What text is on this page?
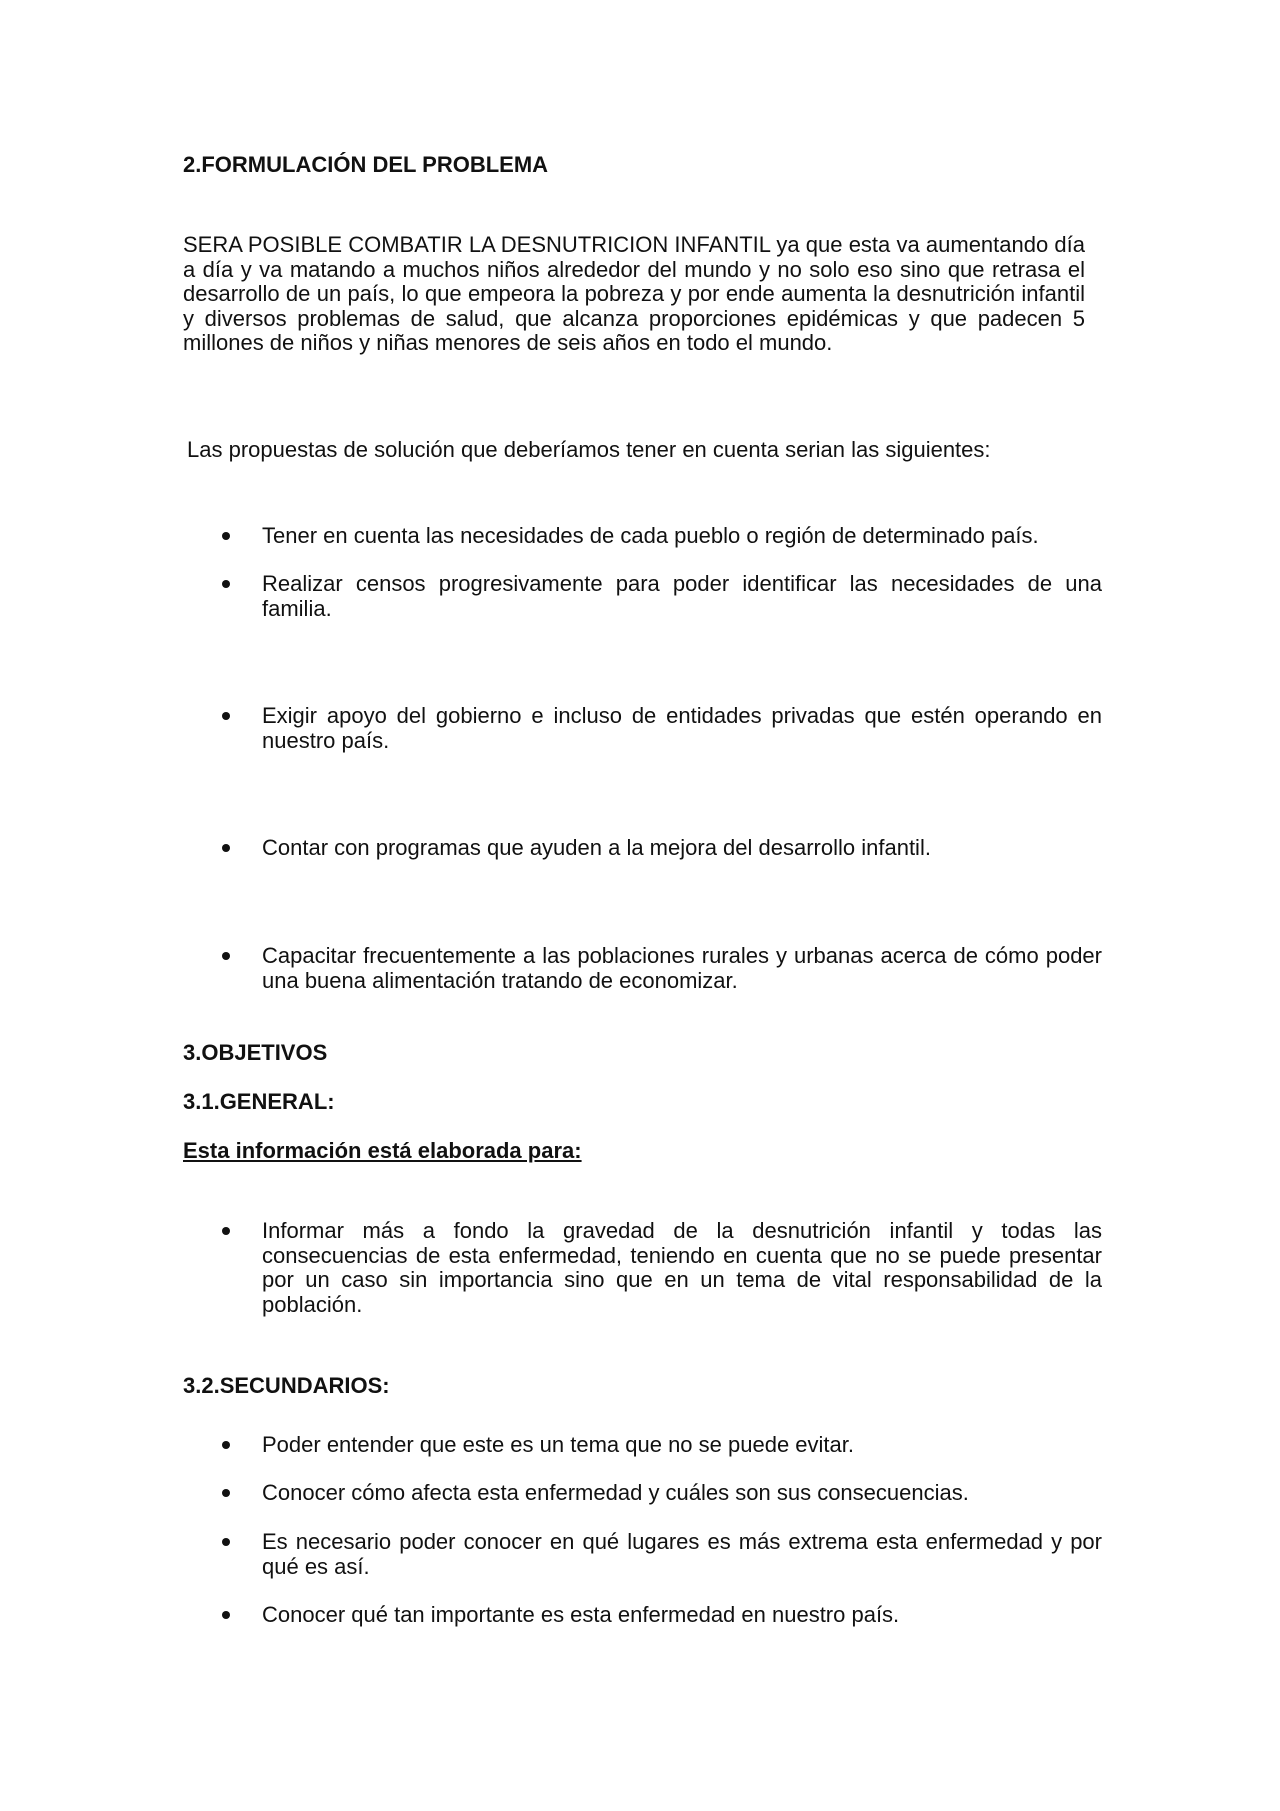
2.FORMULACIÓN DEL PROBLEMA
SERA POSIBLE COMBATIR LA DESNUTRICION INFANTIL ya que esta va aumentando día a día y va matando a muchos niños alrededor del mundo y no solo eso sino que retrasa el desarrollo de un país, lo que empeora la pobreza y por ende aumenta la desnutrición infantil y diversos problemas de salud, que alcanza proporciones epidémicas y que padecen 5 millones de niños y niñas menores de seis años en todo el mundo.
Las propuestas de solución que deberíamos tener en cuenta serian las siguientes:
Tener en cuenta las necesidades de cada pueblo o región de determinado país.
Realizar censos progresivamente para poder identificar las necesidades de una familia.
Exigir apoyo del gobierno e incluso de entidades privadas que estén operando en nuestro país.
Contar con programas que ayuden a la mejora del desarrollo infantil.
Capacitar frecuentemente a las poblaciones rurales y urbanas acerca de cómo poder una buena alimentación tratando de economizar.
3.OBJETIVOS
3.1.GENERAL:
Esta información está elaborada para:
Informar más a fondo la gravedad de la desnutrición infantil y todas las consecuencias de esta enfermedad, teniendo en cuenta que no se puede presentar por un caso sin importancia sino que en un tema de vital responsabilidad de la población.
3.2.SECUNDARIOS:
Poder entender que este es un tema que no se puede evitar.
Conocer cómo afecta esta enfermedad y cuáles son sus consecuencias.
Es necesario poder conocer en qué lugares es más extrema esta enfermedad y por qué es así.
Conocer qué tan importante es esta enfermedad en nuestro país.
